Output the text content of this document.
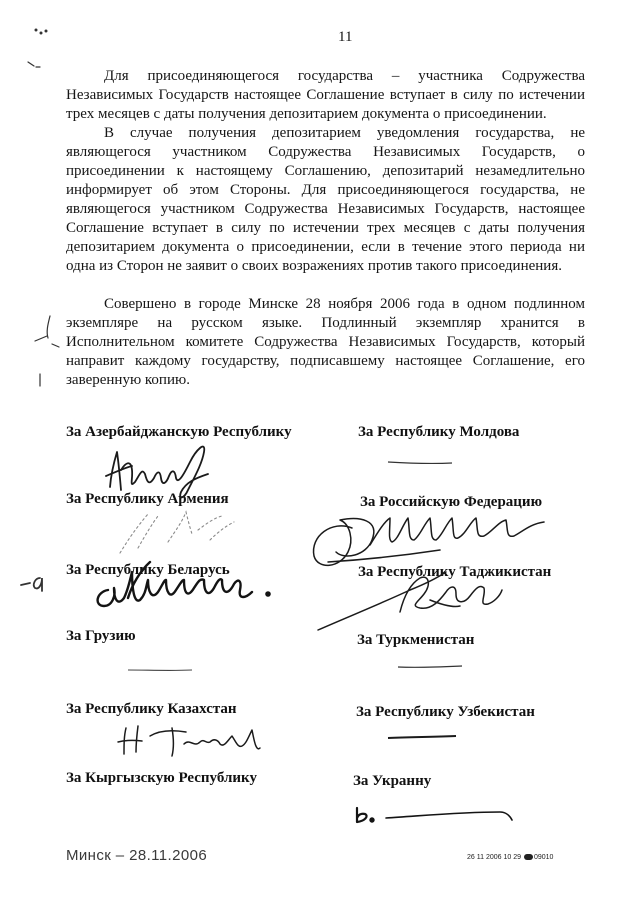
11
Для присоединяющегося государства – участника Содружества
Независимых Государств настоящее Соглашение вступает в силу по истечении
трех месяцев с даты получения депозитарием документа о присоединении.
В случае получения депозитарием уведомления государства, не
являющегося участником Содружества Независимых Государств, о
присоединении к настоящему Соглашению, депозитарий незамедлительно
информирует об этом Стороны. Для присоединяющегося государства, не
являющегося участником Содружества Независимых Государств, настоящее
Соглашение вступает в силу по истечении трех месяцев с даты получения
депозитарием документа о присоединении, если в течение этого периода ни
одна из Сторон не заявит о своих возражениях против такого присоединения.
Совершено в городе Минске 28 ноября 2006 года в одном подлинном
экземпляре на русском языке. Подлинный экземпляр хранится в
Исполнительном комитете Содружества Независимых Государств, который
направит каждому государству, подписавшему настоящее Соглашение, его
заверенную копию.
За Азербайджанскую Республику
За Республику Армения
За Республику Беларусь
За Грузию
За Республику Казахстан
За Кыргызскую Республику
За Республику Молдова
За Российскую Федерацию
За Республику Таджикистан
За Туркменистан
За Республику Узбекистан
За Укранну
Минск – 28.11.2006	26 11 2006 10 29 09010
